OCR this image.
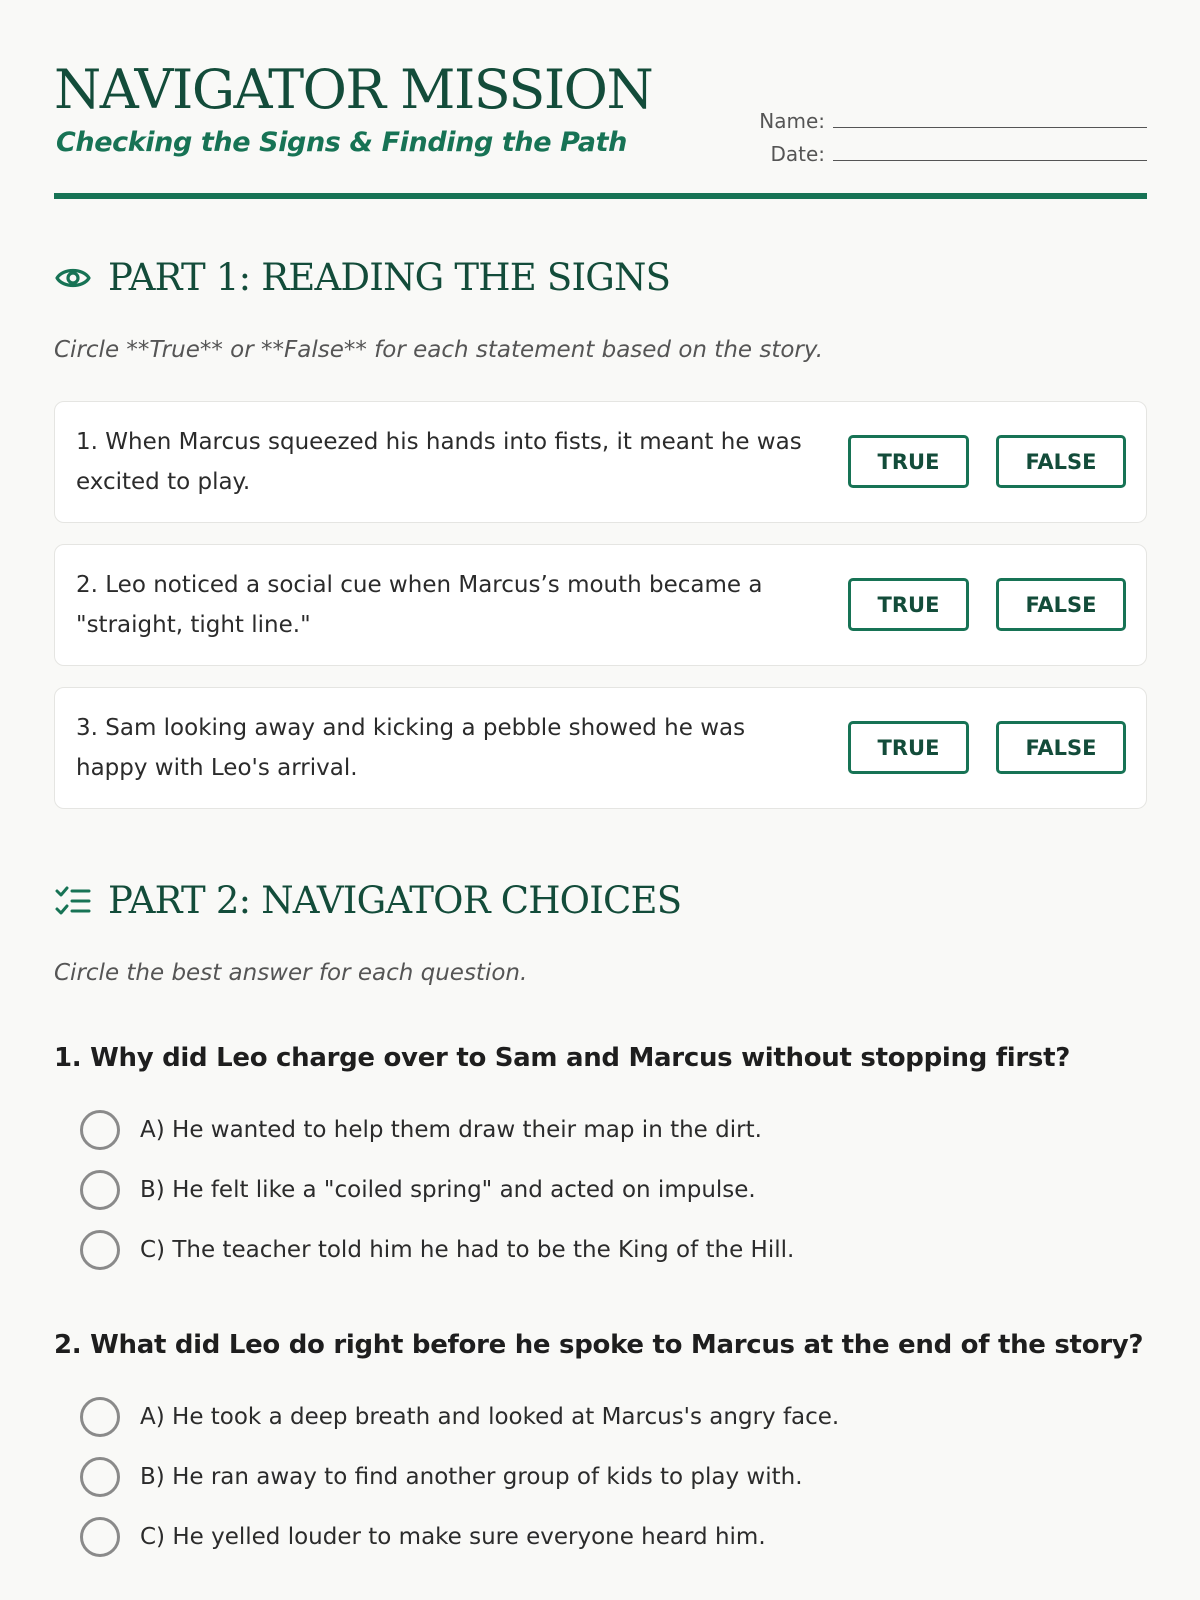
NAVIGATOR MISSION
Checking the Signs & Finding the Path
Name:
Date:
PART 1: READING THE SIGNS
Circle **True** or **False** for each statement based on the story.
1. When Marcus squeezed his hands into fists, it meant he was excited to play.
TRUE	FALSE
2. Leo noticed a social cue when Marcus’s mouth became a "straight, tight line."
TRUE	FALSE
3. Sam looking away and kicking a pebble showed he was happy with Leo's arrival.
TRUE	FALSE
PART 2: NAVIGATOR CHOICES
Circle the best answer for each question.
1. Why did Leo charge over to Sam and Marcus without stopping first?
A) He wanted to help them draw their map in the dirt.
B) He felt like a "coiled spring" and acted on impulse.
C) The teacher told him he had to be the King of the Hill.
2. What did Leo do right before he spoke to Marcus at the end of the story?
A) He took a deep breath and looked at Marcus's angry face.
B) He ran away to find another group of kids to play with.
C) He yelled louder to make sure everyone heard him.
